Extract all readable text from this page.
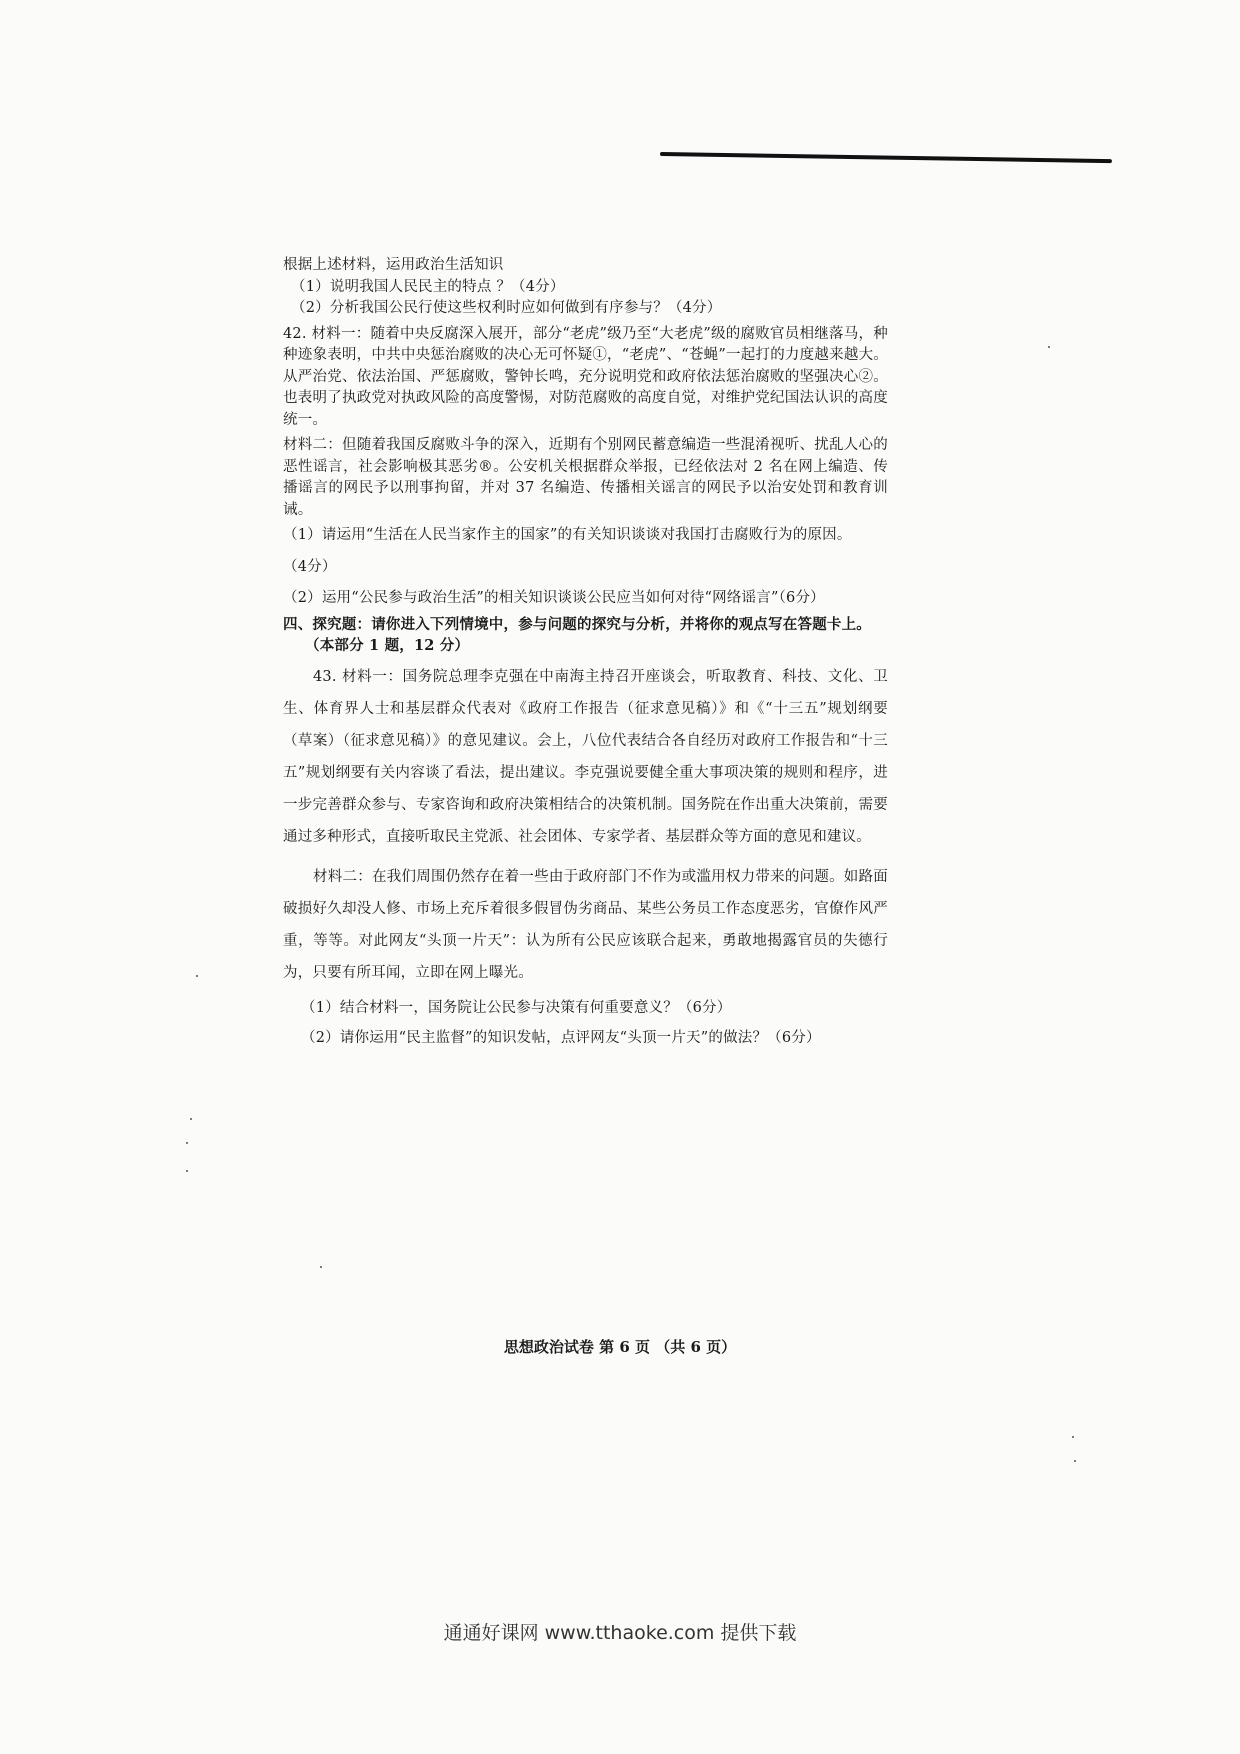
根据上述材料，运用政治生活知识

（1）说明我国人民民主的特点 ？（4分）

（2）分析我国公民行使这些权利时应如何做到有序参与？（4分）

42. 材料一：随着中央反腐深入展开，部分“老虎”级乃至“大老虎”级的腐败官员相继落马，种种迹象表明，中共中央惩治腐败的决心无可怀疑①，“老虎”、“苍蝇”一起打的力度越来越大。从严治党、依法治国、严惩腐败，警钟长鸣，充分说明党和政府依法惩治腐败的坚强决心②。也表明了执政党对执政风险的高度警惕，对防范腐败的高度自觉，对维护党纪国法认识的高度统一。

材料二：但随着我国反腐败斗争的深入，近期有个别网民蓄意编造一些混淆视听、扰乱人心的恶性谣言，社会影响极其恶劣®。公安机关根据群众举报，已经依法对 2 名在网上编造、传播谣言的网民予以刑事拘留，并对 37 名编造、传播相关谣言的网民予以治安处罚和教育训诫。

（1）请运用“生活在人民当家作主的国家”的有关知识谈谈对我国打击腐败行为的原因。

（4分）

（2）运用“公民参与政治生活”的相关知识谈谈公民应当如何对待“网络谣言”（6分）

四、探究题：请你进入下列情境中，参与问题的探究与分析，并将你的观点写在答题卡上。

（本部分 1 题，12 分）

43. 材料一：国务院总理李克强在中南海主持召开座谈会，听取教育、科技、文化、卫生、体育界人士和基层群众代表对《政府工作报告（征求意见稿）》和《“十三五”规划纲要（草案）（征求意见稿）》的意见建议。会上，八位代表结合各自经历对政府工作报告和“十三五”规划纲要有关内容谈了看法，提出建议。李克强说要健全重大事项决策的规则和程序，进一步完善群众参与、专家咨询和政府决策相结合的决策机制。国务院在作出重大决策前，需要通过多种形式，直接听取民主党派、社会团体、专家学者、基层群众等方面的意见和建议。

材料二：在我们周围仍然存在着一些由于政府部门不作为或滥用权力带来的问题。如路面破损好久却没人修、市场上充斥着很多假冒伪劣商品、某些公务员工作态度恶劣，官僚作风严重，等等。对此网友“头顶一片天”：认为所有公民应该联合起来，勇敢地揭露官员的失德行为，只要有所耳闻，立即在网上曝光。

（1）结合材料一，国务院让公民参与决策有何重要意义？（6分）

（2）请你运用“民主监督”的知识发帖，点评网友“头顶一片天”的做法？（6分）

思想政治试卷 第 6 页 （共 6 页）
通通好课网 www.tthaoke.com 提供下载
